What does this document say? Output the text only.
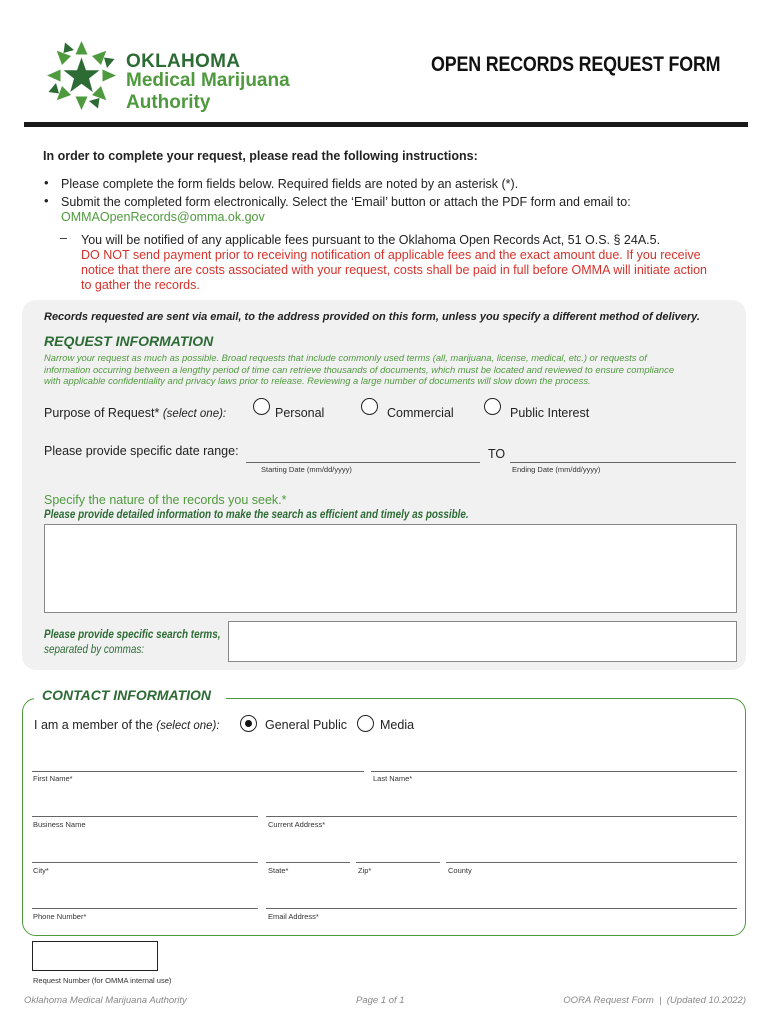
OKLAHOMA
Medical Marijuana
Authority
OPEN RECORDS REQUEST FORM
In order to complete your request, please read the following instructions:
• Please complete the form fields below. Required fields are noted by an asterisk (*).
• Submit the completed form electronically. Select the ‘Email’ button or attach the PDF form and email to:
OMMAOpenRecords@omma.ok.gov
– You will be notified of any applicable fees pursuant to the Oklahoma Open Records Act, 51 O.S. § 24A.5.
DO NOT send payment prior to receiving notification of applicable fees and the exact amount due. If you receive
notice that there are costs associated with your request, costs shall be paid in full before OMMA will initiate action
to gather the records.
Records requested are sent via email, to the address provided on this form, unless you specify a different method of delivery.
REQUEST INFORMATION
Narrow your request as much as possible. Broad requests that include commonly used terms (all, marijuana, license, medical, etc.) or requests of
information occurring between a lengthy period of time can retrieve thousands of documents, which must be located and reviewed to ensure compliance
with applicable confidentiality and privacy laws prior to release. Reviewing a large number of documents will slow down the process.
Purpose of Request* (select one):	Personal	Commercial	Public Interest
Please provide specific date range:	TO
Starting Date (mm/dd/yyyy)	Ending Date (mm/dd/yyyy)
Specify the nature of the records you seek.*
Please provide detailed information to make the search as efficient and timely as possible.
Please provide specific search terms,
separated by commas:
CONTACT INFORMATION
I am a member of the (select one):	General Public	Media
First Name*	Last Name*
Business Name	Current Address*
City*	State*	Zip*	County
Phone Number*	Email Address*
Request Number (for OMMA internal use)
Oklahoma Medical Marijuana Authority	Page 1 of 1	OORA Request Form  |  (Updated 10.2022)
